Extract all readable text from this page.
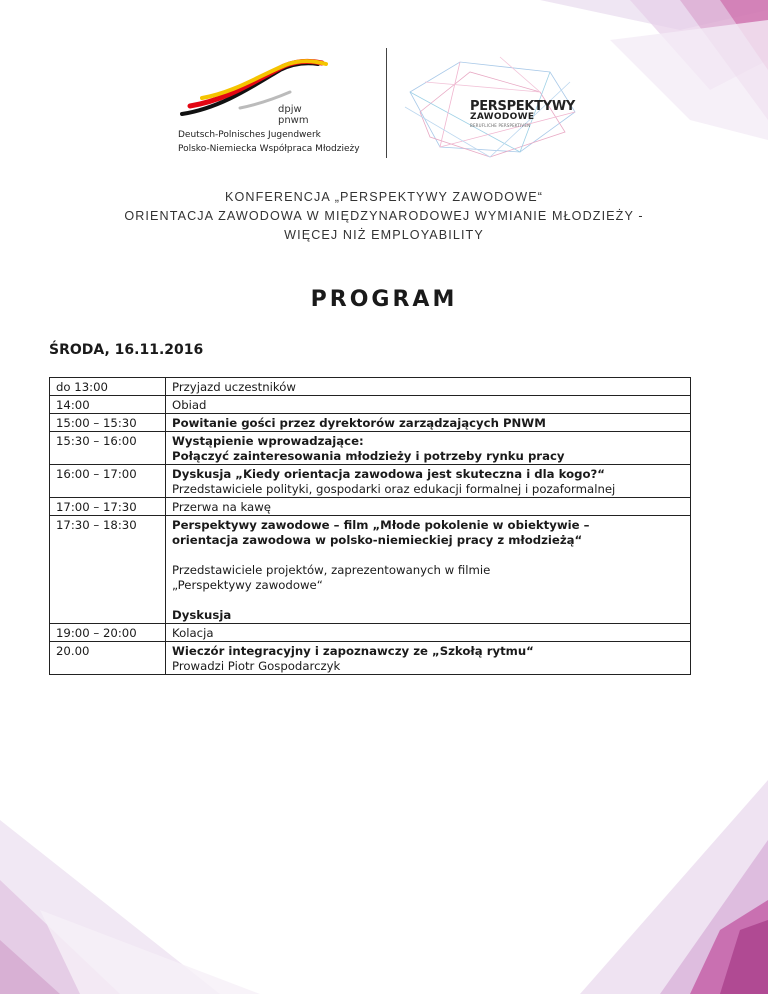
dpjw
pnwm
Deutsch-Polnisches Jugendwerk
Polsko-Niemiecka Współpraca Młodzieży
PERSPEKTYWY
ZAWODOWE
BERUFLICHE PERSPEKTIVEN
KONFERENCJA „PERSPEKTYWY ZAWODOWE“
ORIENTACJA ZAWODOWA W MIĘDZYNARODOWEJ WYMIANIE MŁODZIEŻY -
WIĘCEJ NIŻ EMPLOYABILITY
PROGRAM
ŚRODA, 16.11.2016
do 13:00	Przyjazd uczestników
14:00	Obiad
15:00 – 15:30	Powitanie gości przez dyrektorów zarządzających PNWM
15:30 – 16:00	Wystąpienie wprowadzające:
Połączyć zainteresowania młodzieży i potrzeby rynku pracy

16:00 – 17:00	Dyskusja „Kiedy orientacja zawodowa jest skuteczna i dla kogo?“
Przedstawiciele polityki, gospodarki oraz edukacji formalnej i pozaformalnej

17:00 – 17:30	Przerwa na kawę
17:30 – 18:30	Perspektywy zawodowe – film „Młode pokolenie w obiektywie –
orientacja zawodowa w polsko-niemieckiej pracy z młodzieżą“
Przedstawiciele projektów, zaprezentowanych w filmie
„Perspektywy zawodowe“
Dyskusja

19:00 – 20:00	Kolacja
20.00	Wieczór integracyjny i zapoznawczy ze „Szkołą rytmu“
Prowadzi Piotr Gospodarczyk
